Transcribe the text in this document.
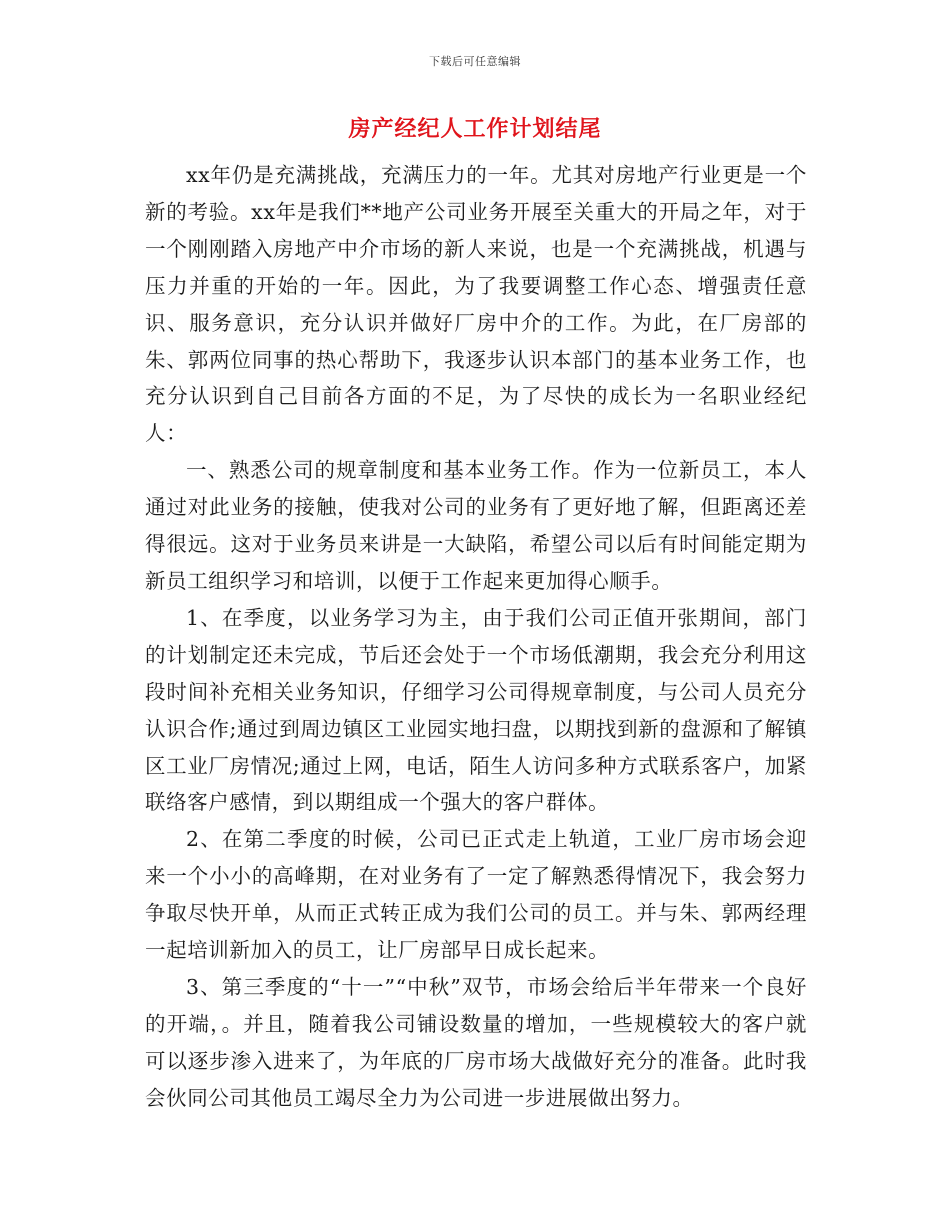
下载后可任意编辑
房产经纪人工作计划结尾

xx年仍是充满挑战，充满压力的一年。尤其对房地产行业更是一个新的考验。xx年是我们**地产公司业务开展至关重大的开局之年，对于一个刚刚踏入房地产中介市场的新人来说，也是一个充满挑战，机遇与压力并重的开始的一年。因此，为了我要调整工作心态、增强责任意识、服务意识，充分认识并做好厂房中介的工作。为此，在厂房部的朱、郭两位同事的热心帮助下，我逐步认识本部门的基本业务工作，也充分认识到自己目前各方面的不足，为了尽快的成长为一名职业经纪人：

一、熟悉公司的规章制度和基本业务工作。作为一位新员工，本人通过对此业务的接触，使我对公司的业务有了更好地了解，但距离还差得很远。这对于业务员来讲是一大缺陷，希望公司以后有时间能定期为新员工组织学习和培训，以便于工作起来更加得心顺手。

1、在季度，以业务学习为主，由于我们公司正值开张期间，部门的计划制定还未完成，节后还会处于一个市场低潮期，我会充分利用这段时间补充相关业务知识，仔细学习公司得规章制度，与公司人员充分认识合作;通过到周边镇区工业园实地扫盘，以期找到新的盘源和了解镇区工业厂房情况;通过上网，电话，陌生人访问多种方式联系客户，加紧联络客户感情，到以期组成一个强大的客户群体。

2、在第二季度的时候，公司已正式走上轨道，工业厂房市场会迎来一个小小的高峰期，在对业务有了一定了解熟悉得情况下，我会努力争取尽快开单，从而正式转正成为我们公司的员工。并与朱、郭两经理一起培训新加入的员工，让厂房部早日成长起来。

3、第三季度的“十一”“中秋”双节，市场会给后半年带来一个良好的开端，。并且，随着我公司铺设数量的增加，一些规模较大的客户就可以逐步渗入进来了，为年底的厂房市场大战做好充分的准备。此时我会伙同公司其他员工竭尽全力为公司进一步进展做出努力。
